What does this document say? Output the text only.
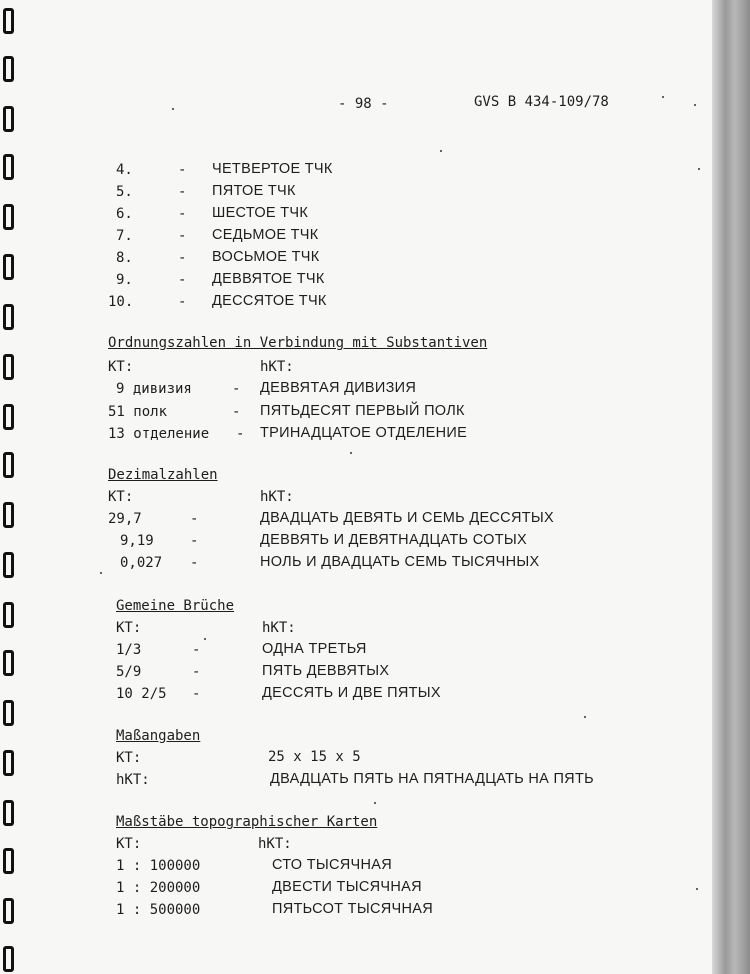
- 98 -	GVS B 434-109/78
4.	- ЧЕТВЕРТОЕ ТЧК
5.	- ПЯТОЕ ТЧК
6.	- ШЕСТОЕ ТЧК
7.	- СЕДЬМОЕ ТЧК
8.	- ВОСЬМОЕ ТЧК
9.	- ДЕВВЯТОЕ ТЧК
10.	- ДЕССЯТОЕ ТЧК
Ordnungszahlen in Verbindung mit Substantiven
KT:	hKT:
9 дивизия	- ДЕВВЯТАЯ ДИВИЗИЯ
51 полк	- ПЯТЬДЕСЯТ ПЕРВЫЙ ПОЛК
13 отделение - ТРИНАДЦАТОЕ ОТДЕЛЕНИЕ
Dezimalzahlen
KT:	hKT:
29,7	-	ДВАДЦАТЬ ДЕВЯТЬ И СЕМЬ ДЕССЯТЫХ
9,19	-	ДЕВВЯТЬ И ДЕВЯТНАДЦАТЬ СОТЫХ
0,027 -	НОЛЬ И ДВАДЦАТЬ СЕМЬ ТЫСЯЧНЫХ
Gemeine Brüche
KT:	hKT:
1/3	-	ОДНА ТРЕТЬЯ
5/9	-	ПЯТЬ ДЕВВЯТЫХ
10 2/5 -	ДЕССЯТЬ И ДВЕ ПЯТЫХ
Maßangaben
KT:	25 x 15 x 5
hKT:	ДВАДЦАТЬ ПЯТЬ НА ПЯТНАДЦАТЬ НА ПЯТЬ
Maßstäbe topographischer Karten
KT:	hKT:
1 : 100000	СТО ТЫСЯЧНАЯ
1 : 200000	ДВЕСТИ ТЫСЯЧНАЯ
1 : 500000	ПЯТЬСОТ ТЫСЯЧНАЯ
